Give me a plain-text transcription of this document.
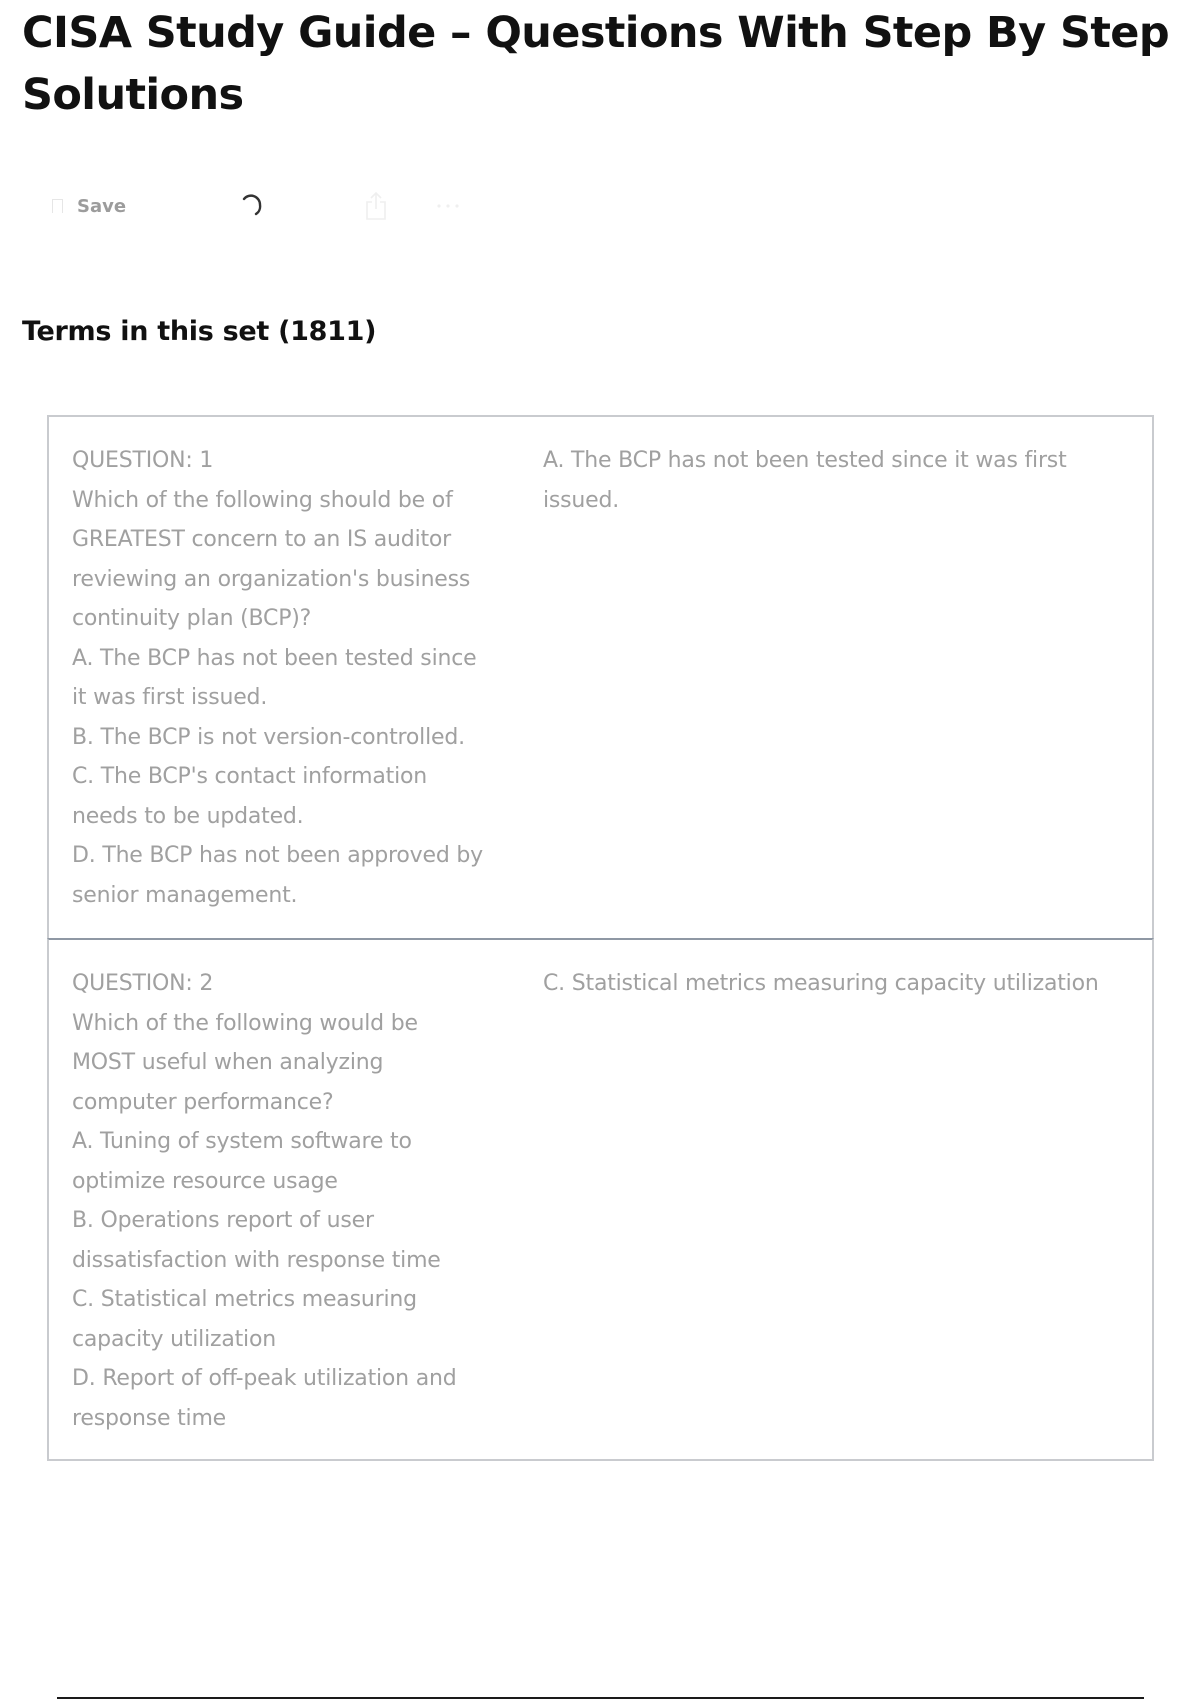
CISA Study Guide – Questions With Step By Step Solutions
Save
Terms in this set (1811)
QUESTION: 1
Which of the following should be of
GREATEST concern to an IS auditor
reviewing an organization's business
continuity plan (BCP)?
A. The BCP has not been tested since
it was first issued.
B. The BCP is not version-controlled.
C. The BCP's contact information
needs to be updated.
D. The BCP has not been approved by
senior management.
A. The BCP has not been tested since it was first
issued.
QUESTION: 2
Which of the following would be
MOST useful when analyzing
computer performance?
A. Tuning of system software to
optimize resource usage
B. Operations report of user
dissatisfaction with response time
C. Statistical metrics measuring
capacity utilization
D. Report of off-peak utilization and
response time
C. Statistical metrics measuring capacity utilization
